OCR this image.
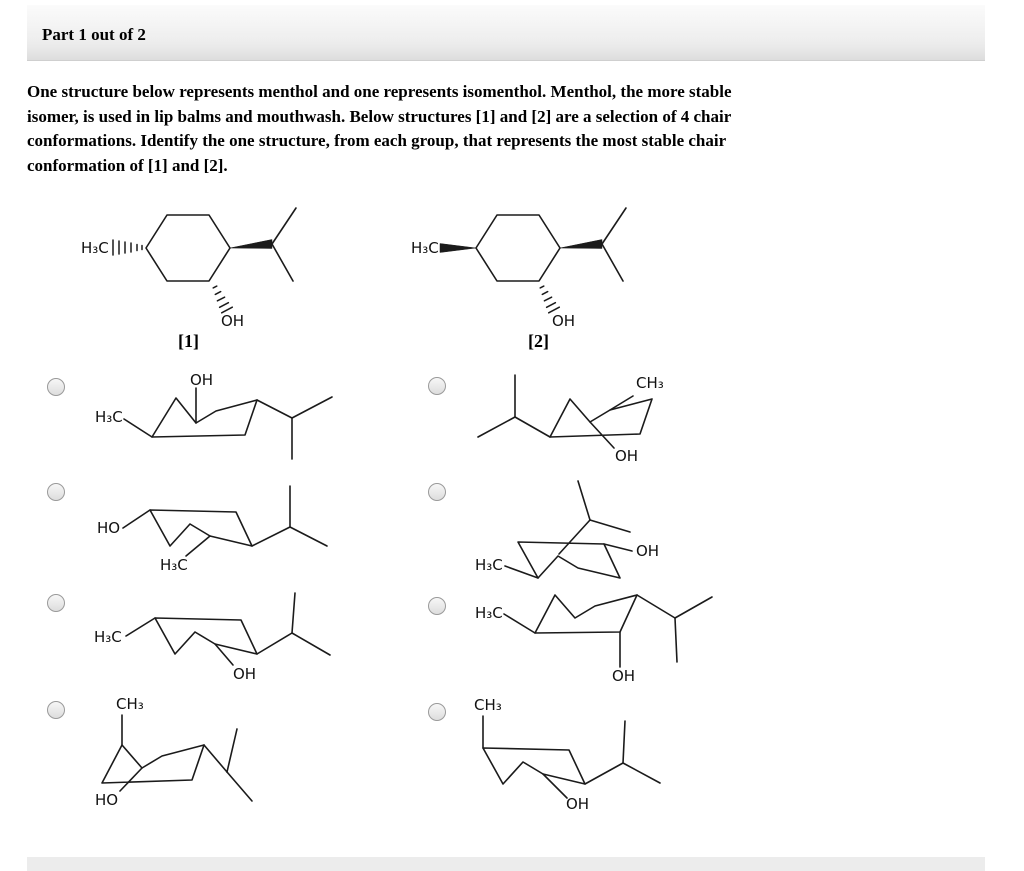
Part 1 out of 2
One structure below represents menthol and one represents isomenthol. Menthol, the more stable
isomer, is used in lip balms and mouthwash. Below structures [1] and [2] are a selection of 4 chair
conformations. Identify the one structure, from each group, that represents the most stable chair
conformation of [1] and [2].
H₃C
OH
[1]
H₃C
OH
[2]
H₃C
OH
HO
H₃C
H₃C
OH
CH₃
HO
CH₃
OH
H₃C
OH
H₃C
OH
CH₃
OH
